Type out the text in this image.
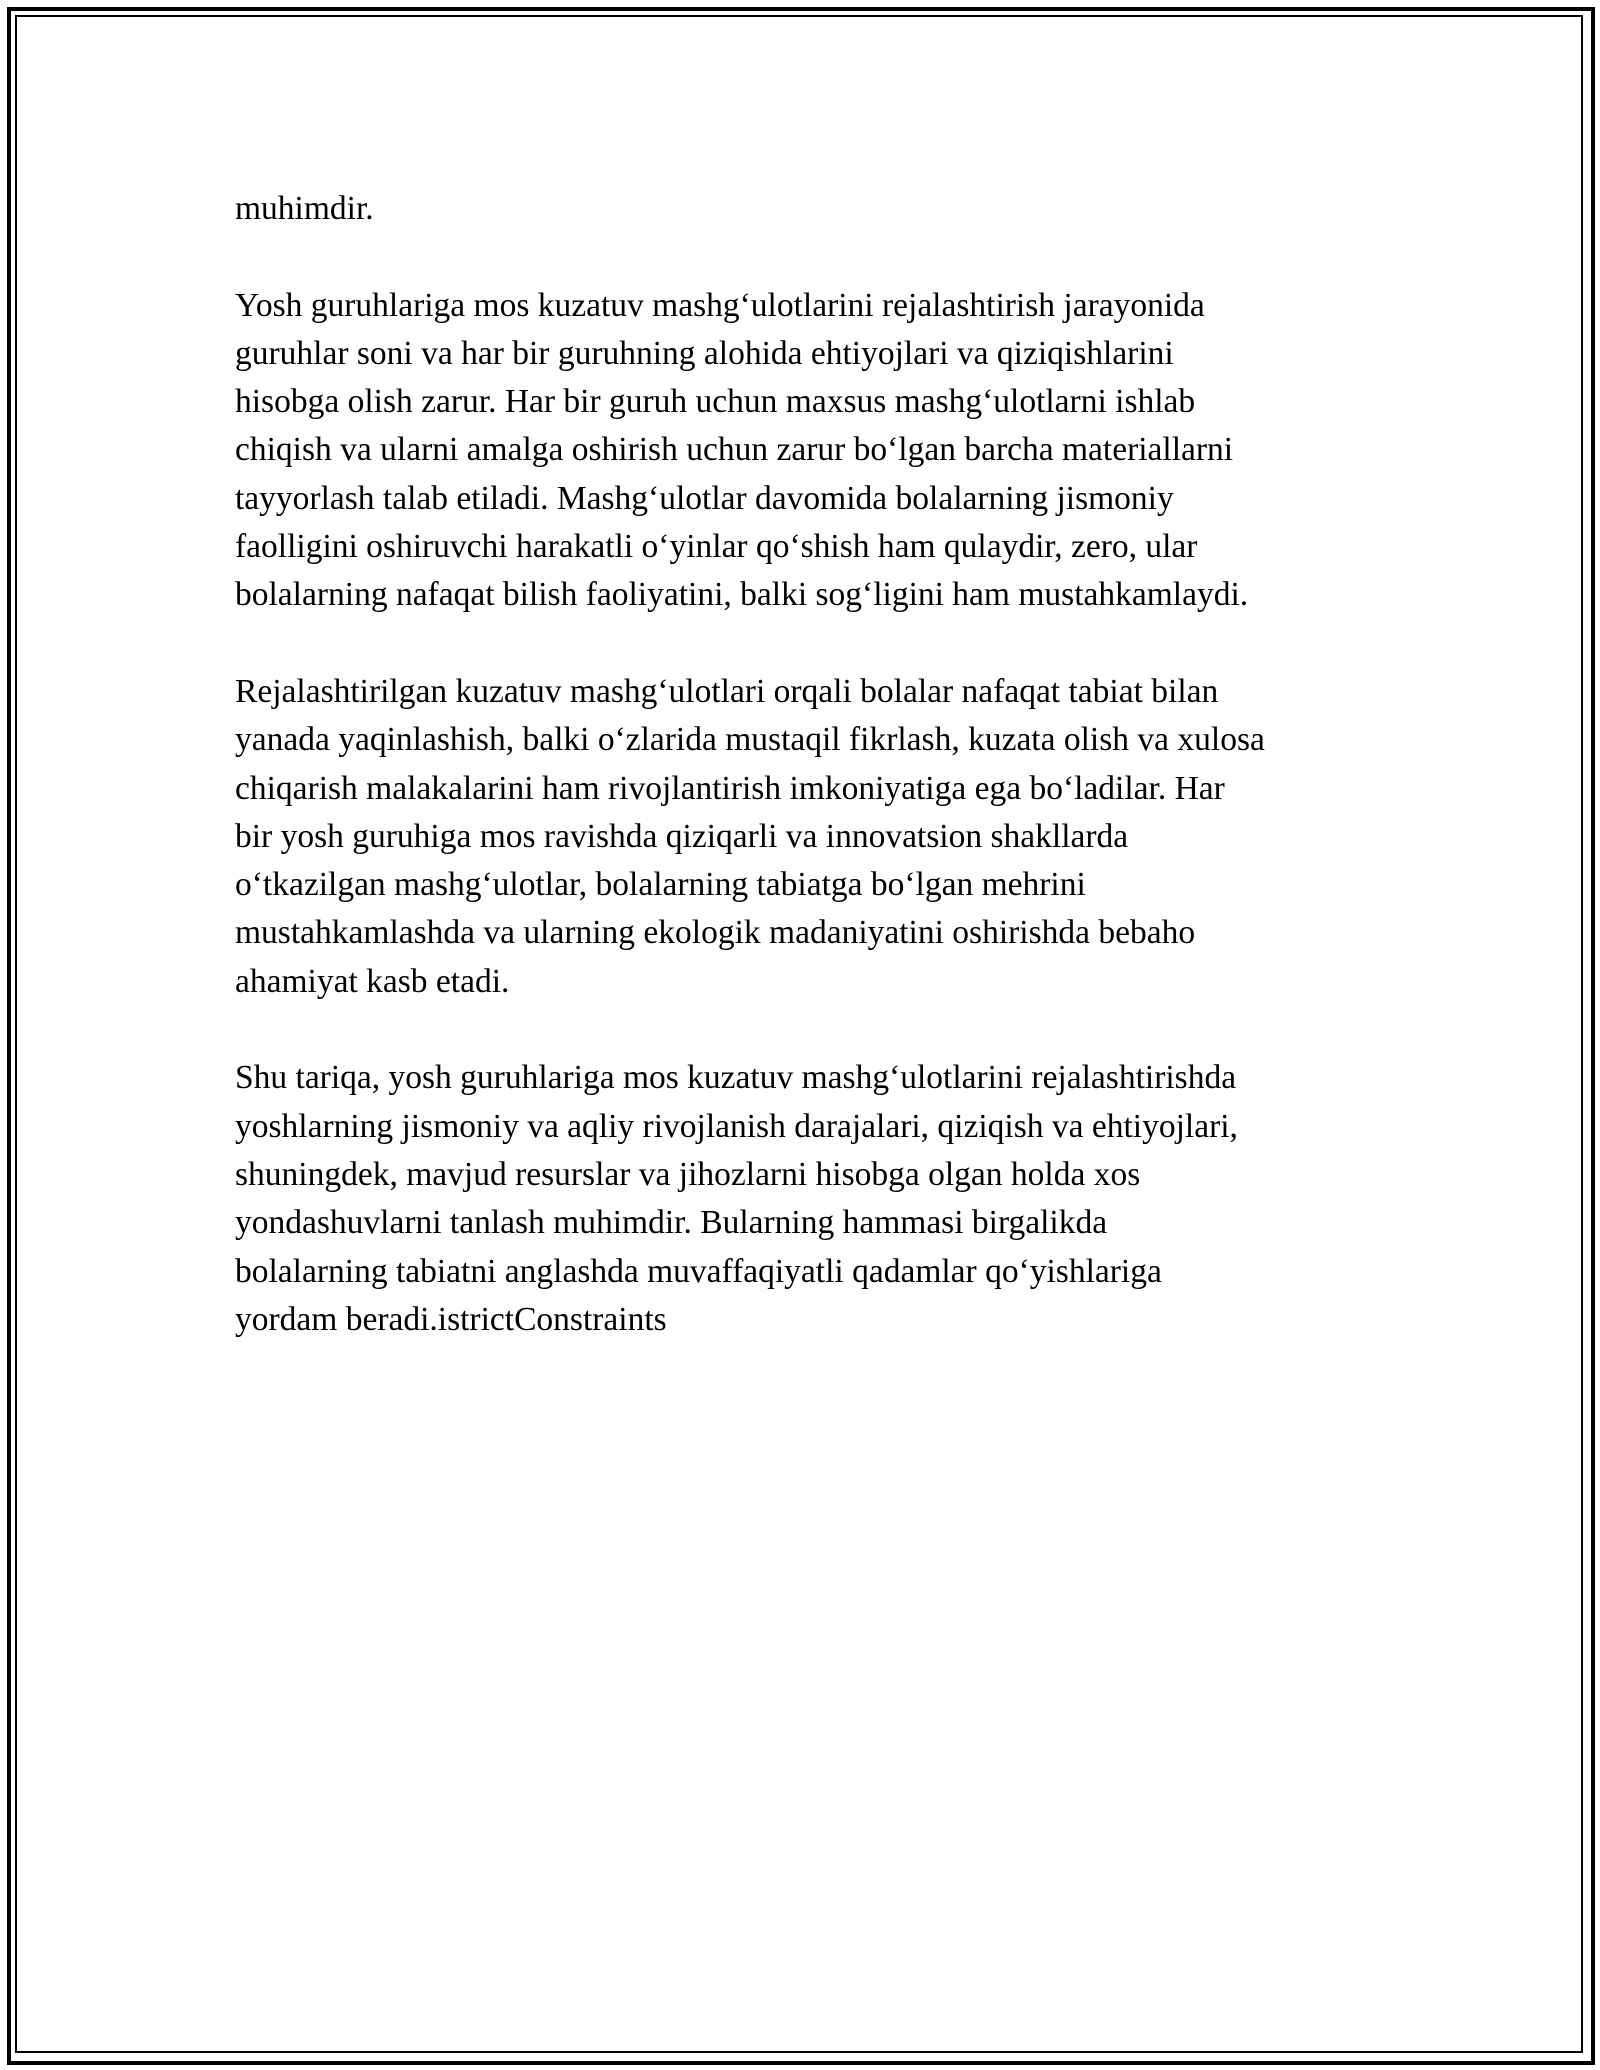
muhimdir.
Yosh guruhlariga mos kuzatuv mashg‘ulotlarini rejalashtirish jarayonida
guruhlar soni va har bir guruhning alohida ehtiyojlari va qiziqishlarini
hisobga olish zarur. Har bir guruh uchun maxsus mashg‘ulotlarni ishlab
chiqish va ularni amalga oshirish uchun zarur bo‘lgan barcha materiallarni
tayyorlash talab etiladi. Mashg‘ulotlar davomida bolalarning jismoniy
faolligini oshiruvchi harakatli o‘yinlar qo‘shish ham qulaydir, zero, ular
bolalarning nafaqat bilish faoliyatini, balki sog‘ligini ham mustahkamlaydi.
Rejalashtirilgan kuzatuv mashg‘ulotlari orqali bolalar nafaqat tabiat bilan
yanada yaqinlashish, balki o‘zlarida mustaqil fikrlash, kuzata olish va xulosa
chiqarish malakalarini ham rivojlantirish imkoniyatiga ega bo‘ladilar. Har
bir yosh guruhiga mos ravishda qiziqarli va innovatsion shakllarda
o‘tkazilgan mashg‘ulotlar, bolalarning tabiatga bo‘lgan mehrini
mustahkamlashda va ularning ekologik madaniyatini oshirishda bebaho
ahamiyat kasb etadi.
Shu tariqa, yosh guruhlariga mos kuzatuv mashg‘ulotlarini rejalashtirishda
yoshlarning jismoniy va aqliy rivojlanish darajalari, qiziqish va ehtiyojlari,
shuningdek, mavjud resurslar va jihozlarni hisobga olgan holda xos
yondashuvlarni tanlash muhimdir. Bularning hammasi birgalikda
bolalarning tabiatni anglashda muvaffaqiyatli qadamlar qo‘yishlariga
yordam beradi.istrictConstraints
